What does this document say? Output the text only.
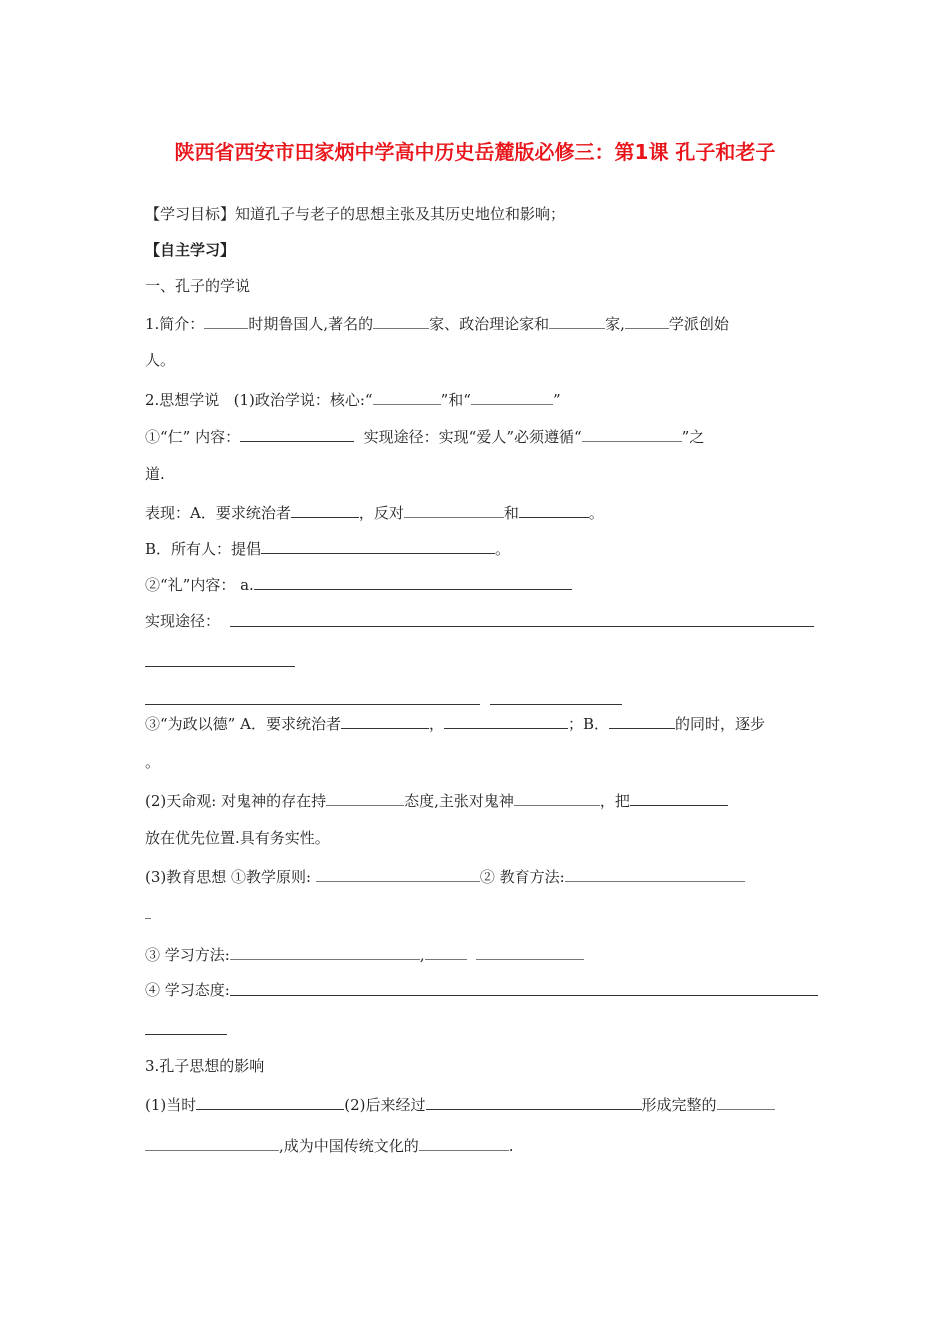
陕西省西安市田家炳中学高中历史岳麓版必修三：第1课 孔子和老子
【学习目标】知道孔子与老子的思想主张及其历史地位和影响；
【自主学习】
一、孔子的学说
1.简介：	时期鲁国人,著名的	家、政治理论家和	家,	学派创始
人。
2.思想学说 (1)政治学说：核心:“	”和“	”
①“仁” 内容：	实现途径：实现“爱人”必须遵循“	”之
道.
表现：A．要求统治者	，反对	和	。
B．所有人：提倡	。
②“礼”内容： a.
实现途径：
③“为政以德” A．要求统治者	，	；B．	的同时，逐步
。
(2)天命观: 对鬼神的存在持	态度,主张对鬼神	，把
放在优先位置.具有务实性。
(3)教育思想 ①教学原则:	② 教育方法:
③ 学习方法:	,
④ 学习态度:
3.孔子思想的影响
(1)当时	(2)后来经过	形成完整的
,成为中国传统文化的	.
